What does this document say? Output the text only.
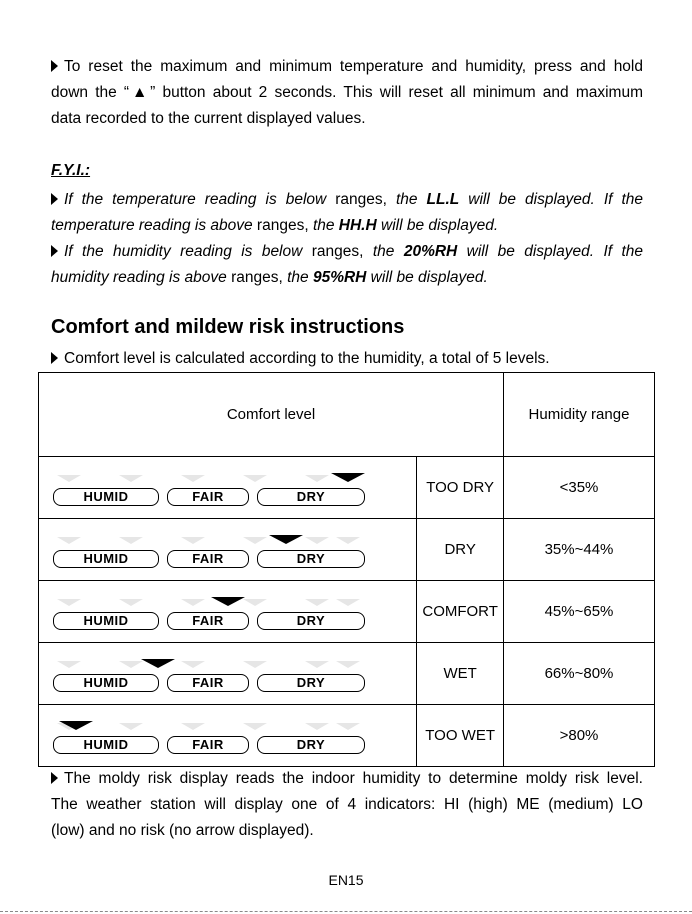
To reset the maximum and minimum temperature and humidity, press and hold
down the “▲” button about 2 seconds. This will reset all minimum and maximum
data recorded to the current displayed values.
F.Y.I.:
If the temperature reading is below ranges, the LL.L will be displayed. If the
temperature reading is above ranges, the HH.H will be displayed.
If the humidity reading is below ranges, the 20%RH will be displayed. If the
humidity reading is above ranges, the 95%RH will be displayed.
Comfort and mildew risk instructions
Comfort level is calculated according to the humidity, a total of 5 levels.
Comfort level		Humidity range

HUMID FAIR DRY	TOO DRY	<35%

HUMID FAIR DRY	DRY	35%~44%

HUMID FAIR DRY	COMFORT	45%~65%

HUMID FAIR DRY	WET	66%~80%

HUMID FAIR DRY	TOO WET	>80%
The moldy risk display reads the indoor humidity to determine moldy risk level.
The weather station will display one of 4 indicators: HI (high) ME (medium) LO
(low) and no risk (no arrow displayed).
EN15
